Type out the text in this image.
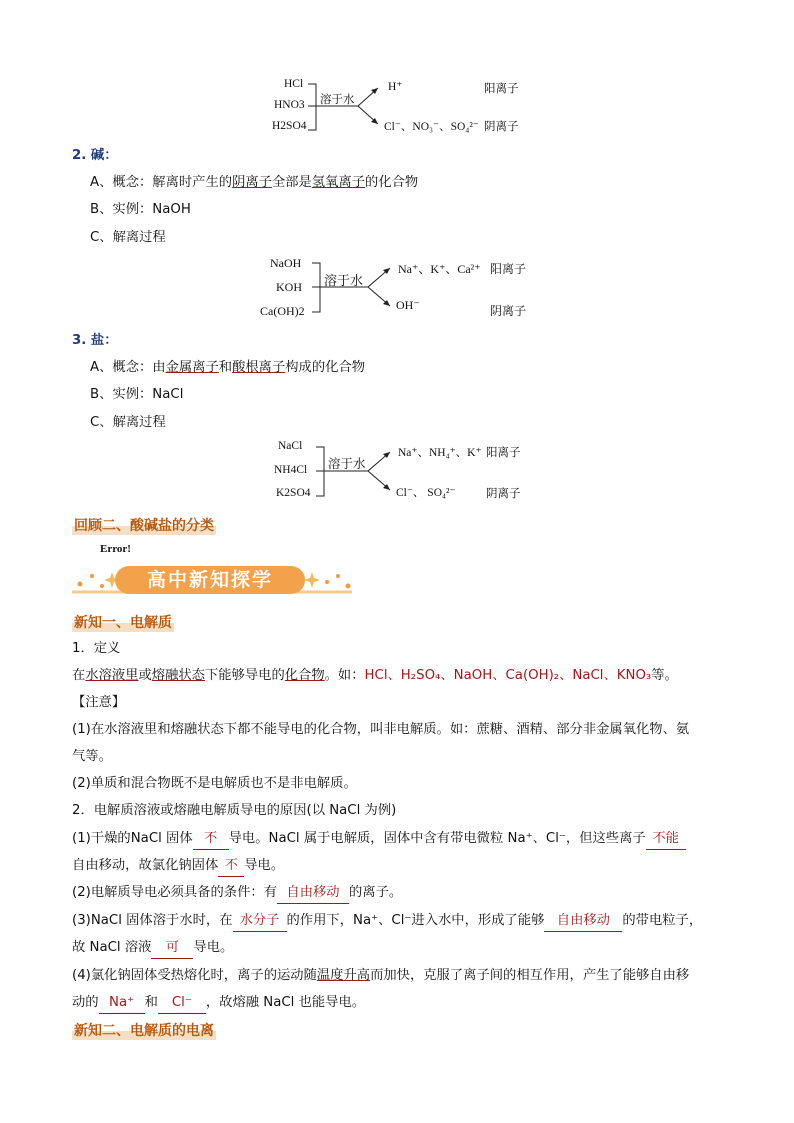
HCl
HNO3
H2SO4
溶于水
H⁺
Cl⁻、NO₃⁻、SO₄²⁻
阳离子
阴离子
2. 碱：
A、概念：解离时产生的阴离子全部是氢氧离子的化合物
B、实例：NaOH
C、解离过程
NaOH
KOH
Ca(OH)2
溶于水
Na⁺、K⁺、Ca²⁺
OH⁻
阳离子
阴离子
3. 盐：
A、概念：由金属离子和酸根离子构成的化合物
B、实例：NaCl
C、解离过程
NaCl
NH4Cl
K2SO4
溶于水
Na⁺、NH₄⁺、K⁺
Cl⁻、 SO₄²⁻
阳离子
阴离子
回顾二、酸碱盐的分类
Error!
高中新知探学
新知一、电解质
1．定义
在水溶液里或熔融状态下能够导电的化合物。如：HCl、H₂SO₄、NaOH、Ca(OH)₂、NaCl、KNO₃等。
【注意】
(1)在水溶液里和熔融状态下都不能导电的化合物，叫非电解质。如：蔗糖、酒精、部分非金属氧化物、氨
气等。
(2)单质和混合物既不是电解质也不是非电解质。
2．电解质溶液或熔融电解质导电的原因(以 NaCl 为例)
(1)干燥的NaCl 固体 不 导电。NaCl 属于电解质，固体中含有带电微粒 Na⁺、Cl⁻，但这些离子 不能
自由移动，故氯化钠固体 不 导电。
(2)电解质导电必须具备的条件：有 自由移动 的离子。
(3)NaCl 固体溶于水时，在 水分子 的作用下，Na⁺、Cl⁻进入水中，形成了能够 自由移动 的带电粒子，
故 NaCl 溶液 可 导电。
(4)氯化钠固体受热熔化时，离子的运动随温度升高而加快，克服了离子间的相互作用，产生了能够自由移
动的 Na⁺ 和 Cl⁻ ，故熔融 NaCl 也能导电。
新知二、电解质的电离
